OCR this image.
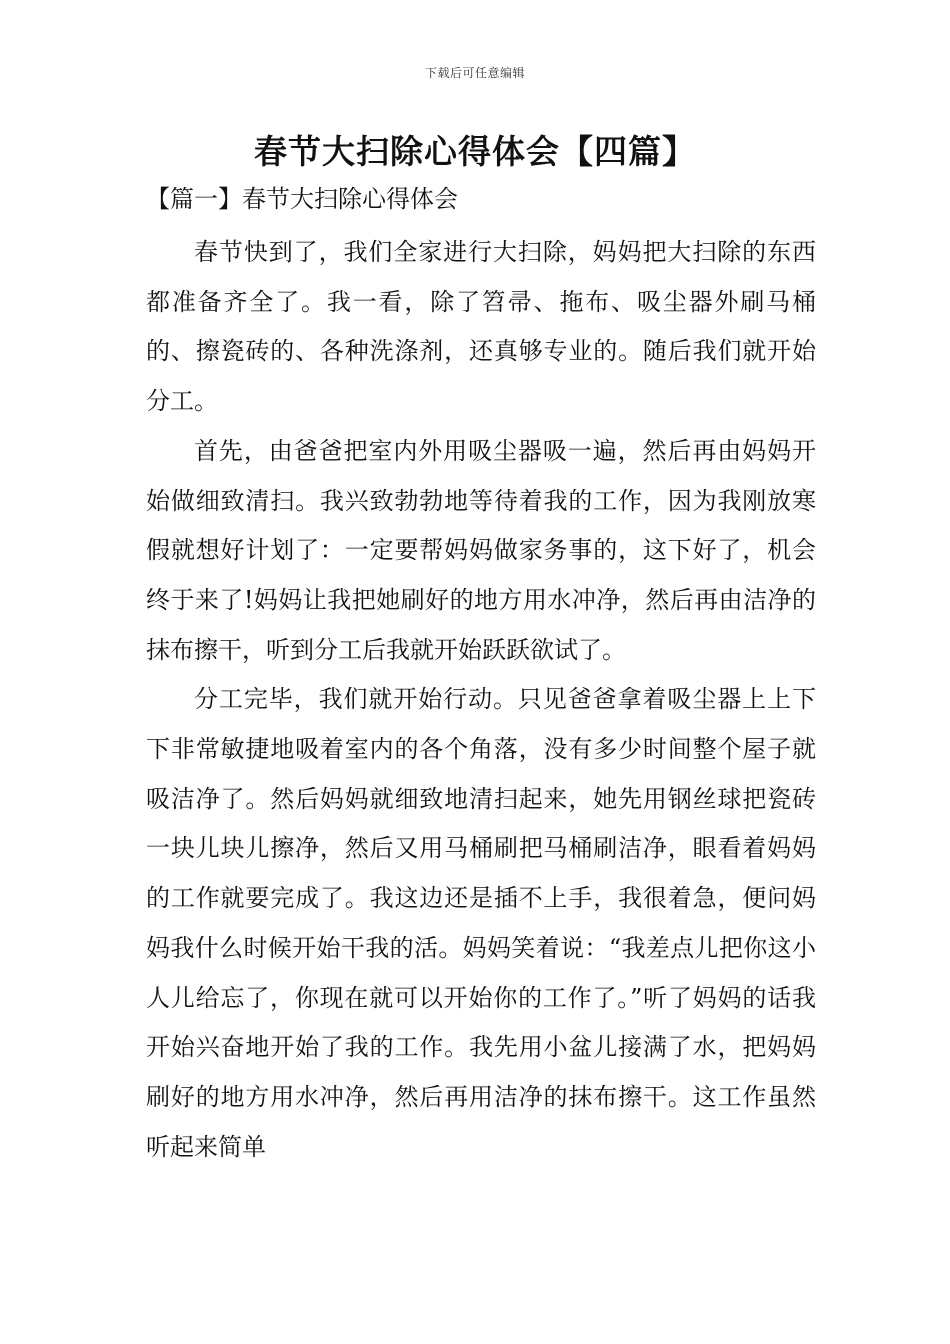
下载后可任意编辑
春节大扫除心得体会【四篇】
【篇一】春节大扫除心得体会

春节快到了，我们全家进行大扫除，妈妈把大扫除的东西都准备齐全了。我一看，除了笤帚、拖布、吸尘器外刷马桶的、擦瓷砖的、各种洗涤剂，还真够专业的。随后我们就开始分工。

首先，由爸爸把室内外用吸尘器吸一遍，然后再由妈妈开始做细致清扫。我兴致勃勃地等待着我的工作，因为我刚放寒假就想好计划了：一定要帮妈妈做家务事的，这下好了，机会终于来了!妈妈让我把她刷好的地方用水冲净，然后再由洁净的抹布擦干，听到分工后我就开始跃跃欲试了。

分工完毕，我们就开始行动。只见爸爸拿着吸尘器上上下下非常敏捷地吸着室内的各个角落，没有多少时间整个屋子就吸洁净了。然后妈妈就细致地清扫起来，她先用钢丝球把瓷砖一块儿块儿擦净，然后又用马桶刷把马桶刷洁净，眼看着妈妈的工作就要完成了。我这边还是插不上手，我很着急，便问妈妈我什么时候开始干我的活。妈妈笑着说：“我差点儿把你这小人儿给忘了，你现在就可以开始你的工作了。”听了妈妈的话我开始兴奋地开始了我的工作。我先用小盆儿接满了水，把妈妈刷好的地方用水冲净，然后再用洁净的抹布擦干。这工作虽然听起来简单
